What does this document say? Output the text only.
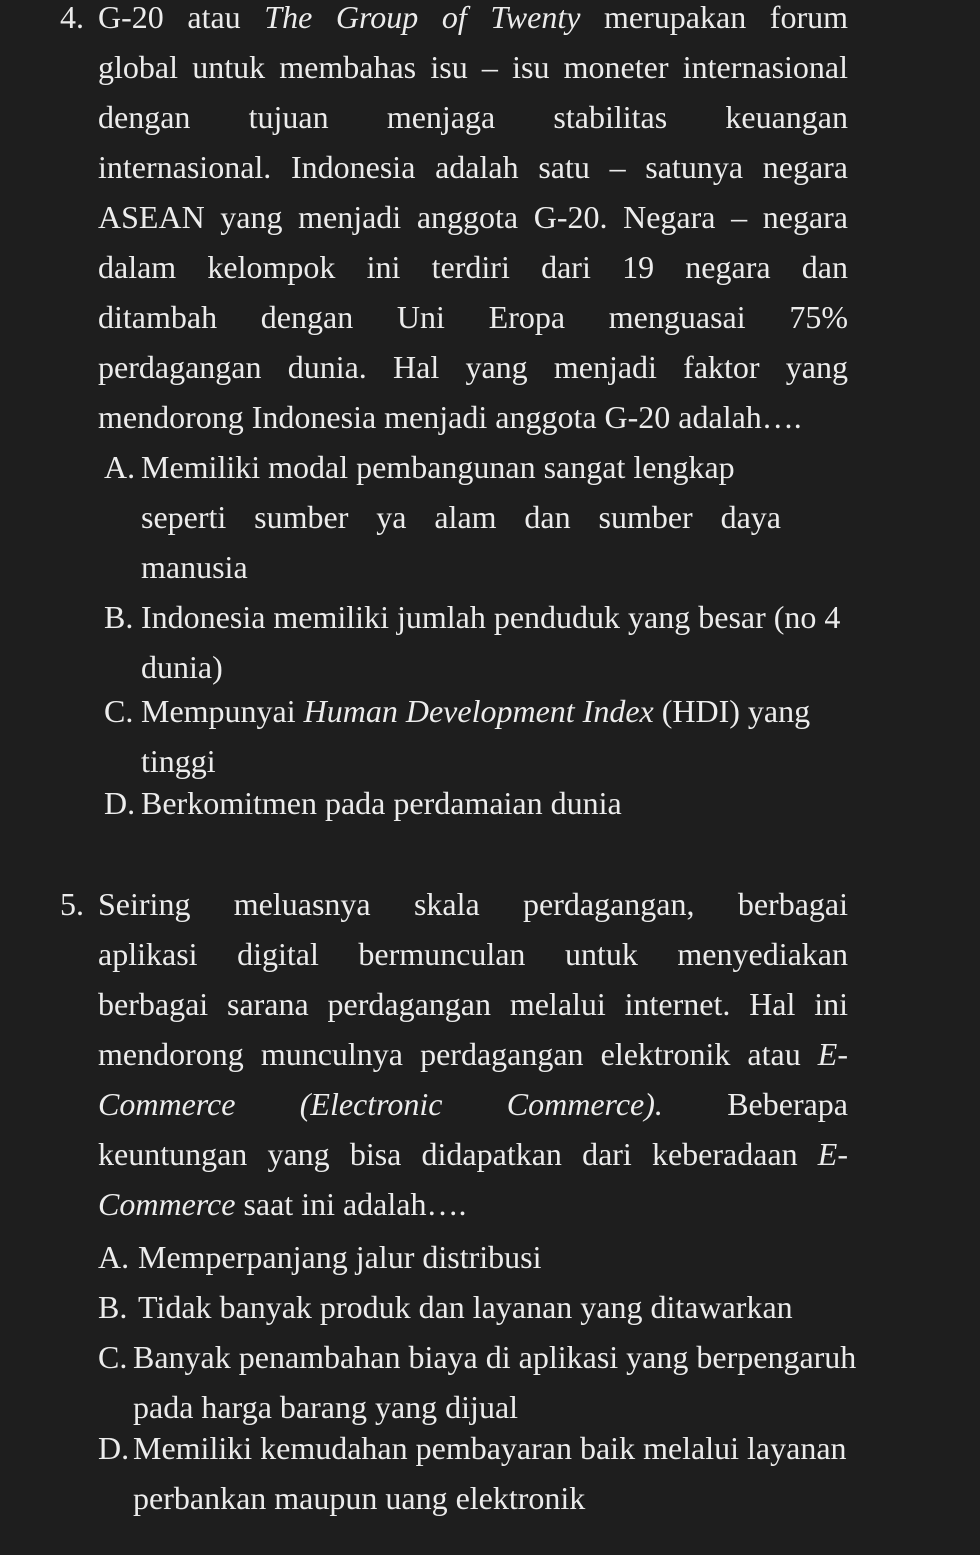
4. G-20 atau The Group of Twenty merupakan forum
global untuk membahas isu – isu moneter internasional
dengan tujuan menjaga stabilitas keuangan
internasional. Indonesia adalah satu – satunya negara
ASEAN yang menjadi anggota G-20. Negara – negara
dalam kelompok ini terdiri dari 19 negara dan
ditambah dengan Uni Eropa menguasai 75%
perdagangan dunia. Hal yang menjadi faktor yang
mendorong Indonesia menjadi anggota G-20 adalah….
A. Memiliki modal pembangunan sangat lengkap
seperti sumber ya alam dan sumber daya
manusia
B. Indonesia memiliki jumlah penduduk yang besar (no 4
dunia)
C. Mempunyai Human Development Index (HDI) yang
tinggi
D. Berkomitmen pada perdamaian dunia
5. Seiring meluasnya skala perdagangan, berbagai
aplikasi digital bermunculan untuk menyediakan
berbagai sarana perdagangan melalui internet. Hal ini
mendorong munculnya perdagangan elektronik atau E-
Commerce (Electronic Commerce). Beberapa
keuntungan yang bisa didapatkan dari keberadaan E-
Commerce saat ini adalah….
A. Memperpanjang jalur distribusi
B. Tidak banyak produk dan layanan yang ditawarkan
C. Banyak penambahan biaya di aplikasi yang berpengaruh
pada harga barang yang dijual
D. Memiliki kemudahan pembayaran baik melalui layanan
perbankan maupun uang elektronik
